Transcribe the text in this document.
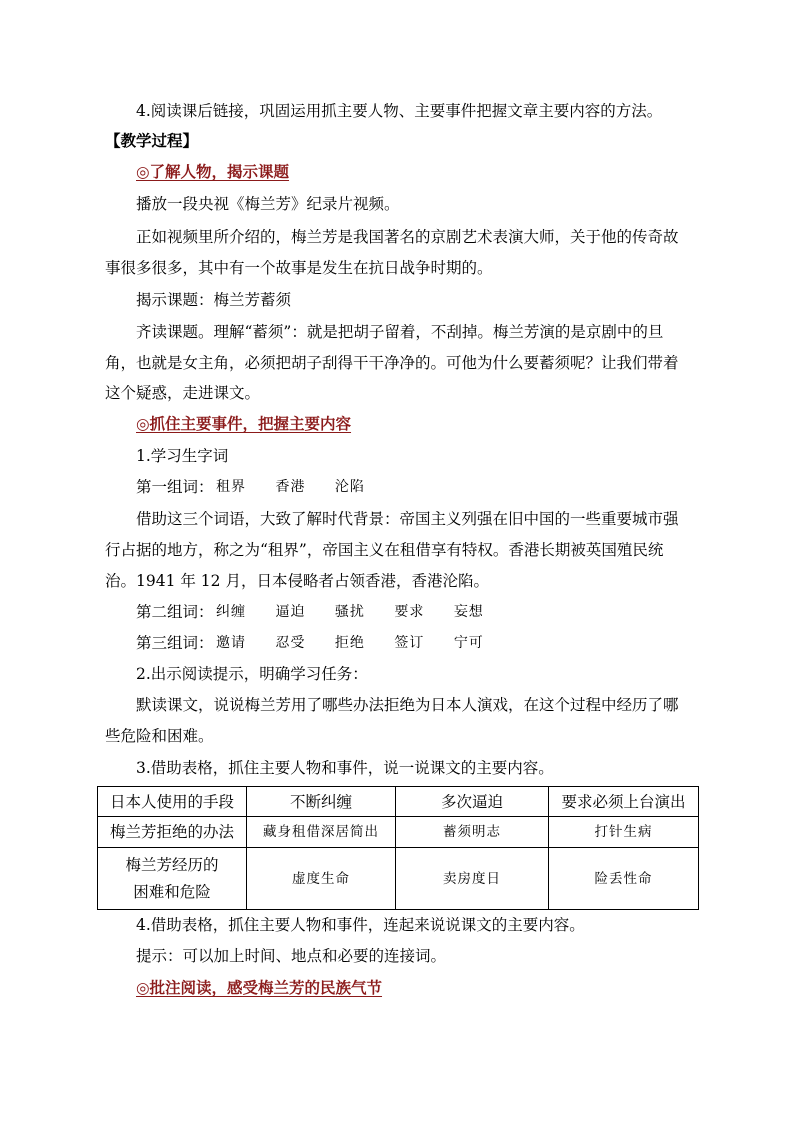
4.阅读课后链接，巩固运用抓主要人物、主要事件把握文章主要内容的方法。
【教学过程】
◎了解人物，揭示课题
播放一段央视《梅兰芳》纪录片视频。
正如视频里所介绍的，梅兰芳是我国著名的京剧艺术表演大师，关于他的传奇故
事很多很多，其中有一个故事是发生在抗日战争时期的。
揭示课题：梅兰芳蓄须
齐读课题。理解“蓄须”：就是把胡子留着，不刮掉。梅兰芳演的是京剧中的旦
角，也就是女主角，必须把胡子刮得干干净净的。可他为什么要蓄须呢？让我们带着
这个疑惑，走进课文。
◎抓住主要事件，把握主要内容
1.学习生字词
第一组词： 租界 香港 沦陷
借助这三个词语，大致了解时代背景：帝国主义列强在旧中国的一些重要城市强
行占据的地方，称之为“租界”，帝国主义在租借享有特权。香港长期被英国殖民统
治。1941 年 12 月，日本侵略者占领香港，香港沦陷。
第二组词： 纠缠 逼迫 骚扰 要求 妄想
第三组词： 邀请 忍受 拒绝 签订 宁可
2.出示阅读提示，明确学习任务：
默读课文，说说梅兰芳用了哪些办法拒绝为日本人演戏，在这个过程中经历了哪
些危险和困难。
3.借助表格，抓住主要人物和事件，说一说课文的主要内容。
日本人使用的手段	不断纠缠	多次逼迫	要求必须上台演出
梅兰芳拒绝的办法	藏身租借深居简出	蓄须明志	打针生病
梅兰芳经历的困难和危险	虚度生命	卖房度日	险丢性命
4.借助表格，抓住主要人物和事件，连起来说说课文的主要内容。
提示：可以加上时间、地点和必要的连接词。
◎批注阅读，感受梅兰芳的民族气节
